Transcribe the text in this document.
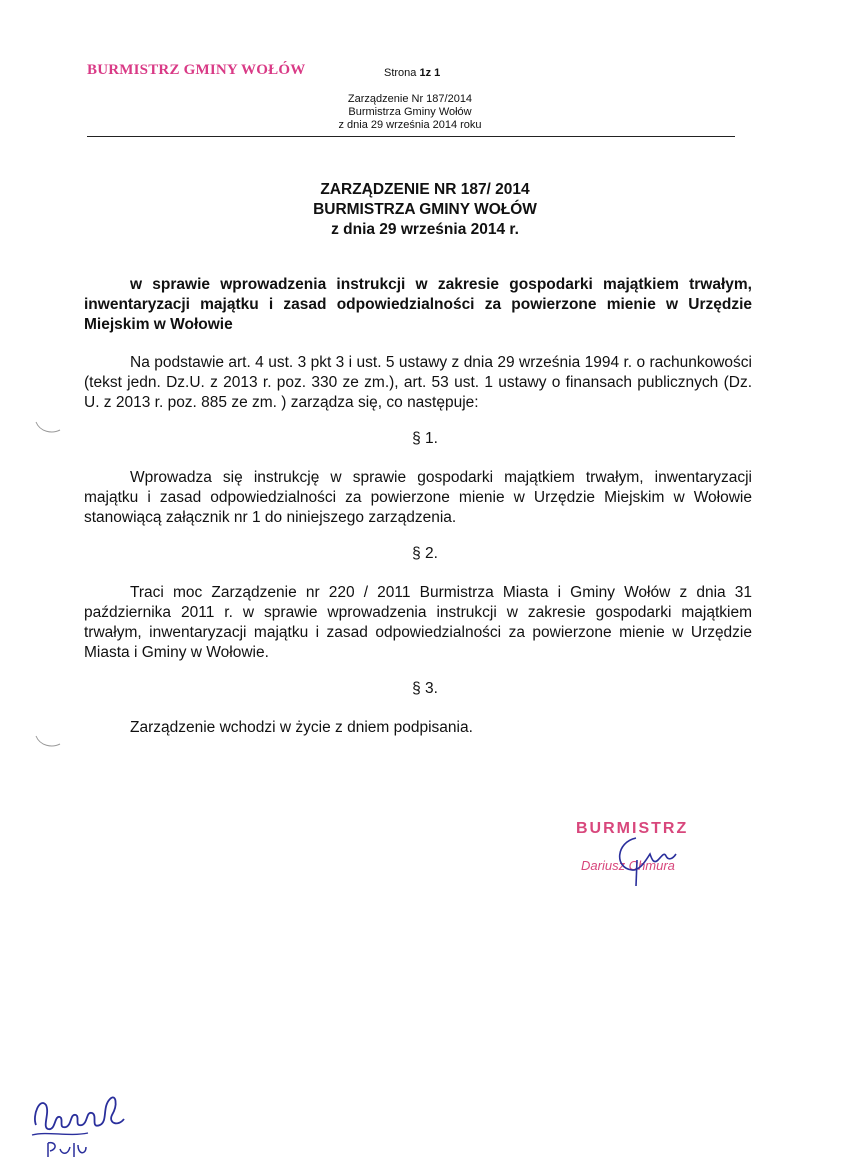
BURMISTRZ GMINY WOŁÓW	Strona 1z 1
Zarządzenie Nr 187/2014
Burmistrza Gminy Wołów
z dnia 29 września 2014 roku
ZARZĄDZENIE NR 187/ 2014
BURMISTRZA GMINY WOŁÓW
z dnia 29 września 2014 r.
w sprawie wprowadzenia instrukcji w zakresie gospodarki majątkiem trwałym, inwentaryzacji majątku i zasad odpowiedzialności za powierzone mienie w Urzędzie Miejskim w Wołowie
Na podstawie art. 4 ust. 3 pkt 3 i ust. 5 ustawy z dnia 29 września 1994 r. o rachunkowości (tekst jedn. Dz.U. z 2013 r. poz. 330 ze zm.), art. 53 ust. 1 ustawy o finansach publicznych (Dz. U. z 2013 r. poz. 885 ze zm. ) zarządza się, co następuje:
§ 1.
Wprowadza się instrukcję w sprawie gospodarki majątkiem trwałym, inwentaryzacji majątku i zasad odpowiedzialności za powierzone mienie w Urzędzie Miejskim w Wołowie stanowiącą załącznik nr 1 do niniejszego zarządzenia.
§ 2.
Traci moc Zarządzenie nr 220 / 2011 Burmistrza Miasta i Gminy Wołów z dnia 31 października 2011 r. w sprawie wprowadzenia instrukcji w zakresie gospodarki majątkiem trwałym, inwentaryzacji majątku i zasad odpowiedzialności za powierzone mienie w Urzędzie Miasta i Gminy w Wołowie.
§ 3.
Zarządzenie wchodzi w życie z dniem podpisania.
BURMISTRZ
Dariusz Chmura
